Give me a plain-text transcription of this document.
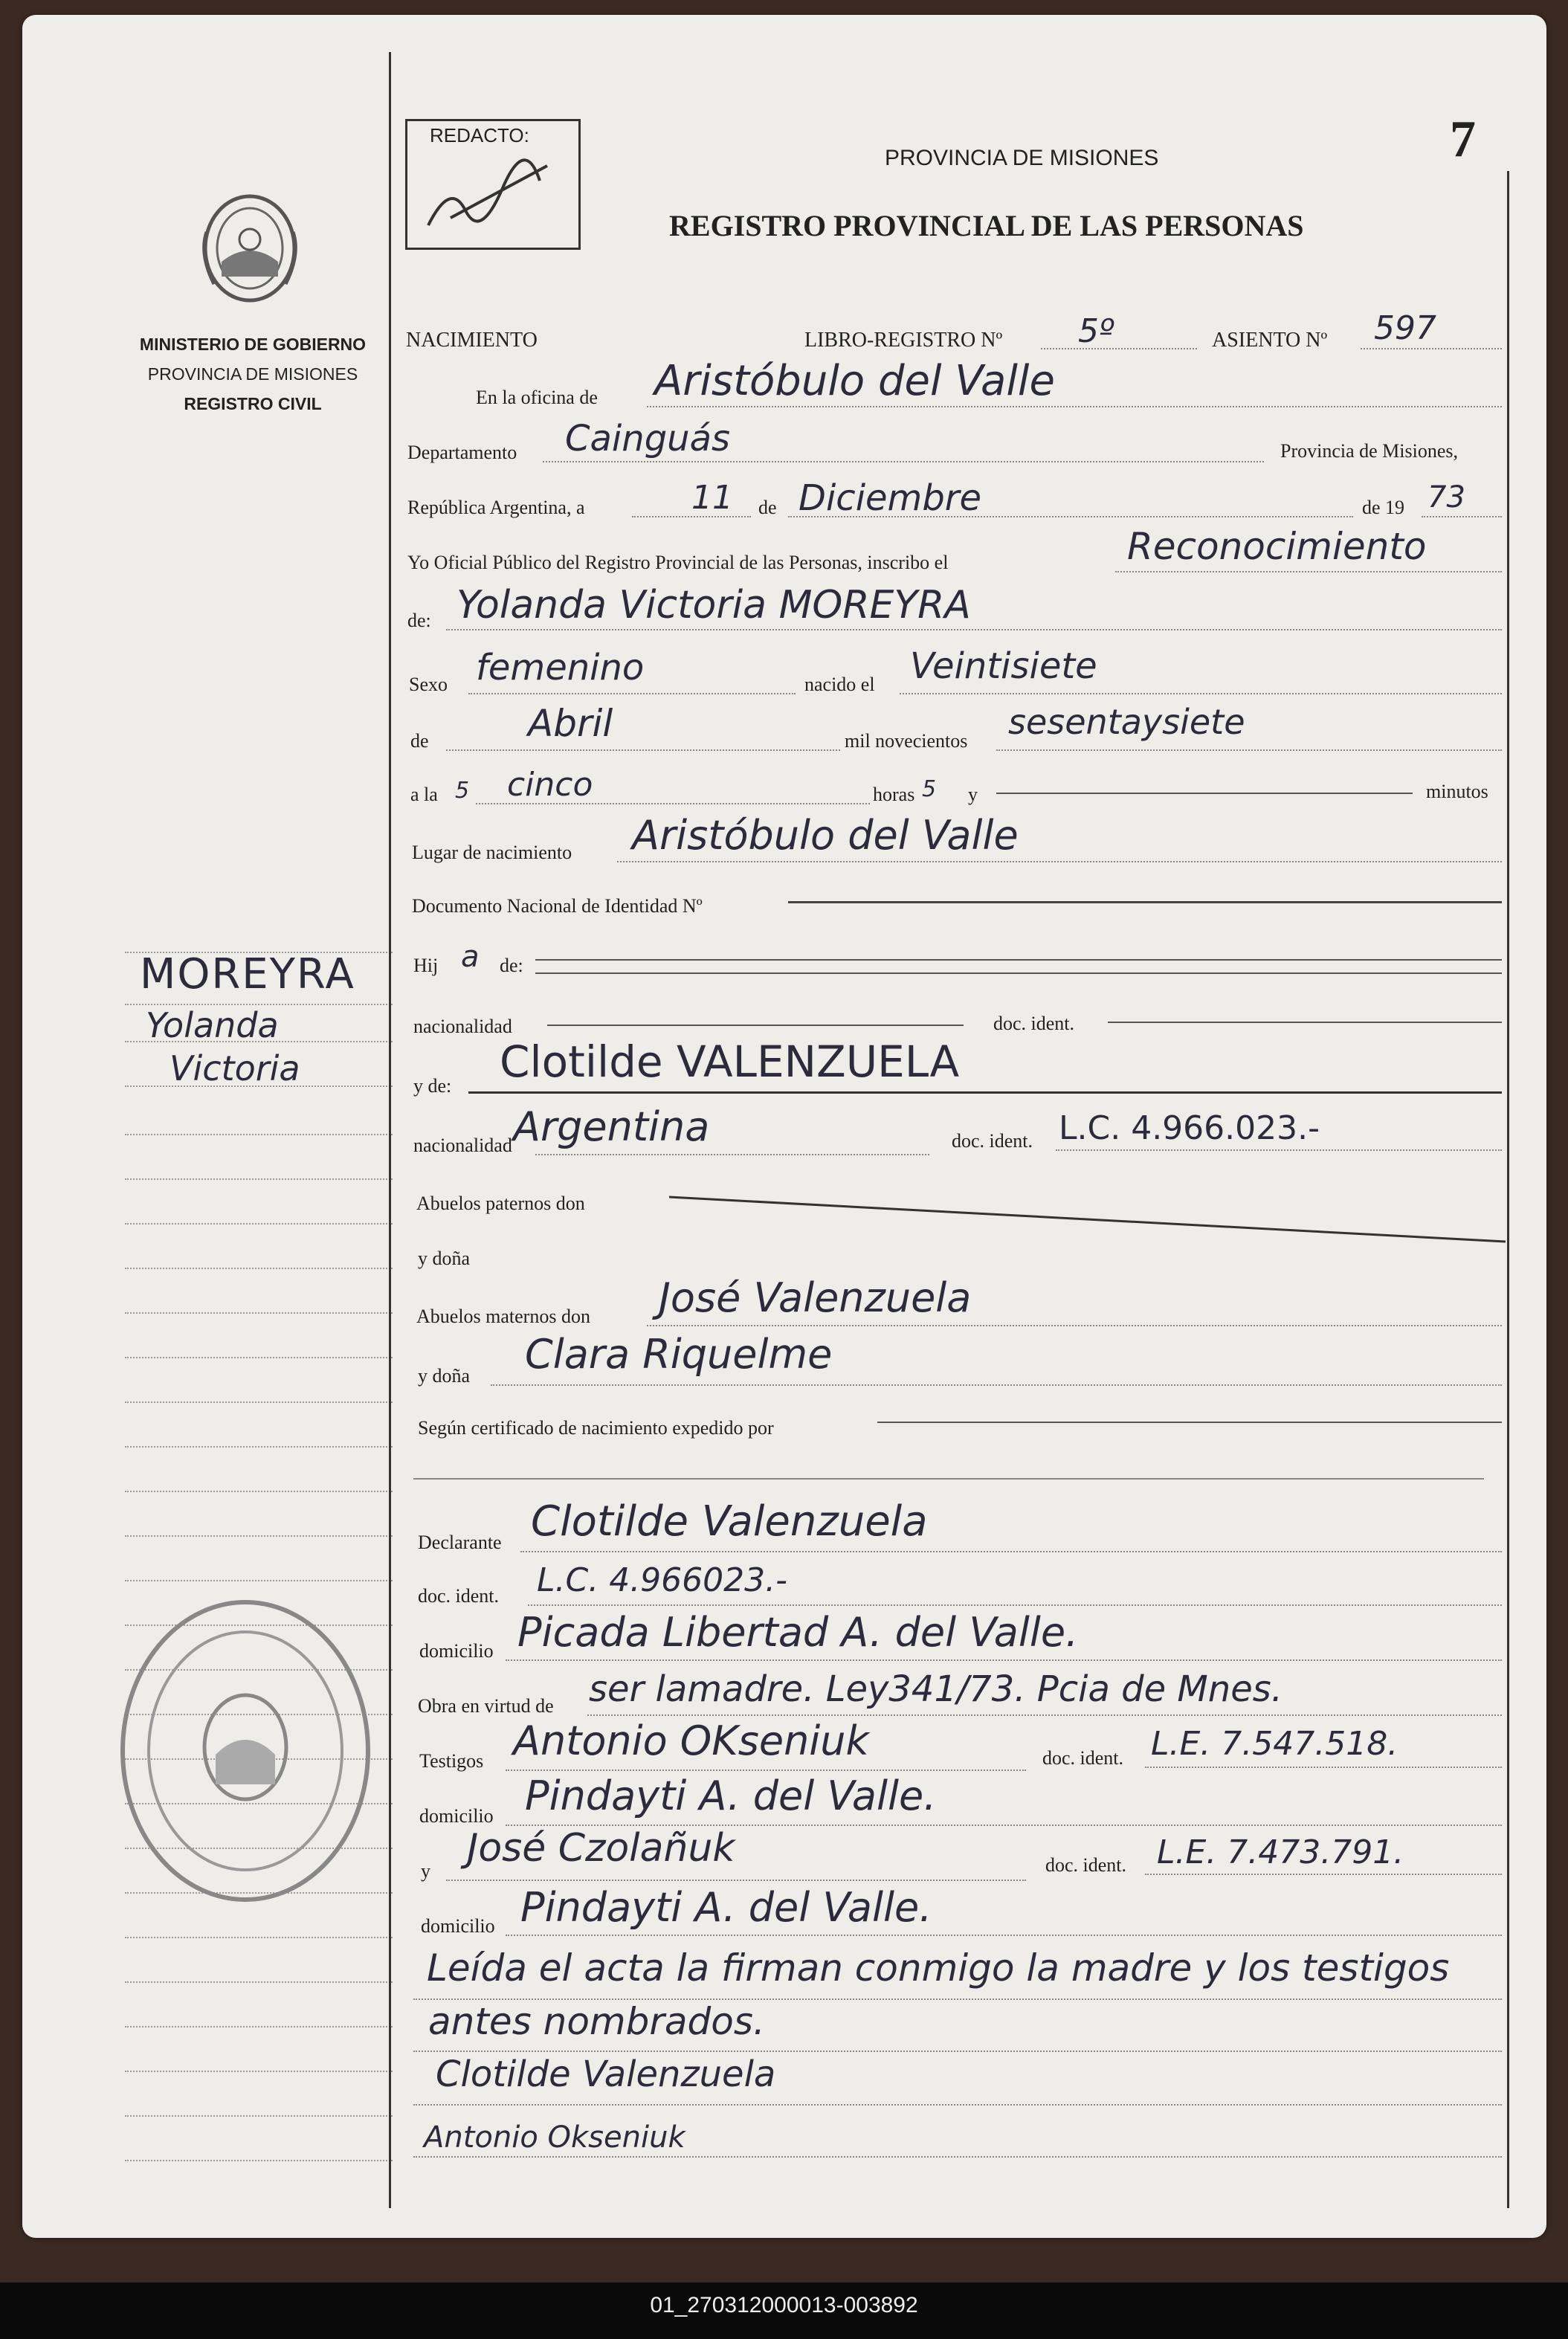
MINISTERIO DE GOBIERNO
PROVINCIA DE MISIONES
REGISTRO CIVIL
MOREYRA
Yolanda
Victoria
REDACTO:
PROVINCIA DE MISIONES
REGISTRO PROVINCIAL DE LAS PERSONAS
7
NACIMIENTO	LIBRO-REGISTRO Nº 5º	ASIENTO Nº 597
En la oficina de Aristóbulo del Valle
Departamento Cainguás	Provincia de Misiones,
República Argentina, a	11 de Diciembre	de 19 73
Yo Oficial Público del Registro Provincial de las Personas, inscribo el	Reconocimiento
de: Yolanda Victoria MOREYRA
Sexo femenino	nacido el Veintisiete
de	Abril	mil novecientos sesentaysiete
a la 5 cinco	horas 5 y	minutos
Lugar de nacimiento Aristóbulo del Valle
Documento Nacional de Identidad Nº
Hij a de:
nacionalidad	doc. ident.
y de: Clotilde VALENZUELA
nacionalidad Argentina	doc. ident. L.C. 4.966.023.-
Abuelos paternos don
y doña
Abuelos maternos don José Valenzuela
y doña Clara Riquelme
Según certificado de nacimiento expedido por
Declarante Clotilde Valenzuela
doc. ident. L.C. 4.966023.-
domicilio Picada Libertad A. del Valle.
Obra en virtud de ser lamadre. Ley341/73. Pcia de Mnes.
Testigos Antonio OKseniuk	doc. ident. L.E. 7.547.518.
domicilio Pindayti A. del Valle.
y
José Czolañuk	doc. ident. L.E. 7.473.791.
domicilio Pindayti A. del Valle.
Leída el acta la firman conmigo la madre y los testigos
antes nombrados.
Clotilde Valenzuela
Antonio Okseniuk
01_270312000013-003892
